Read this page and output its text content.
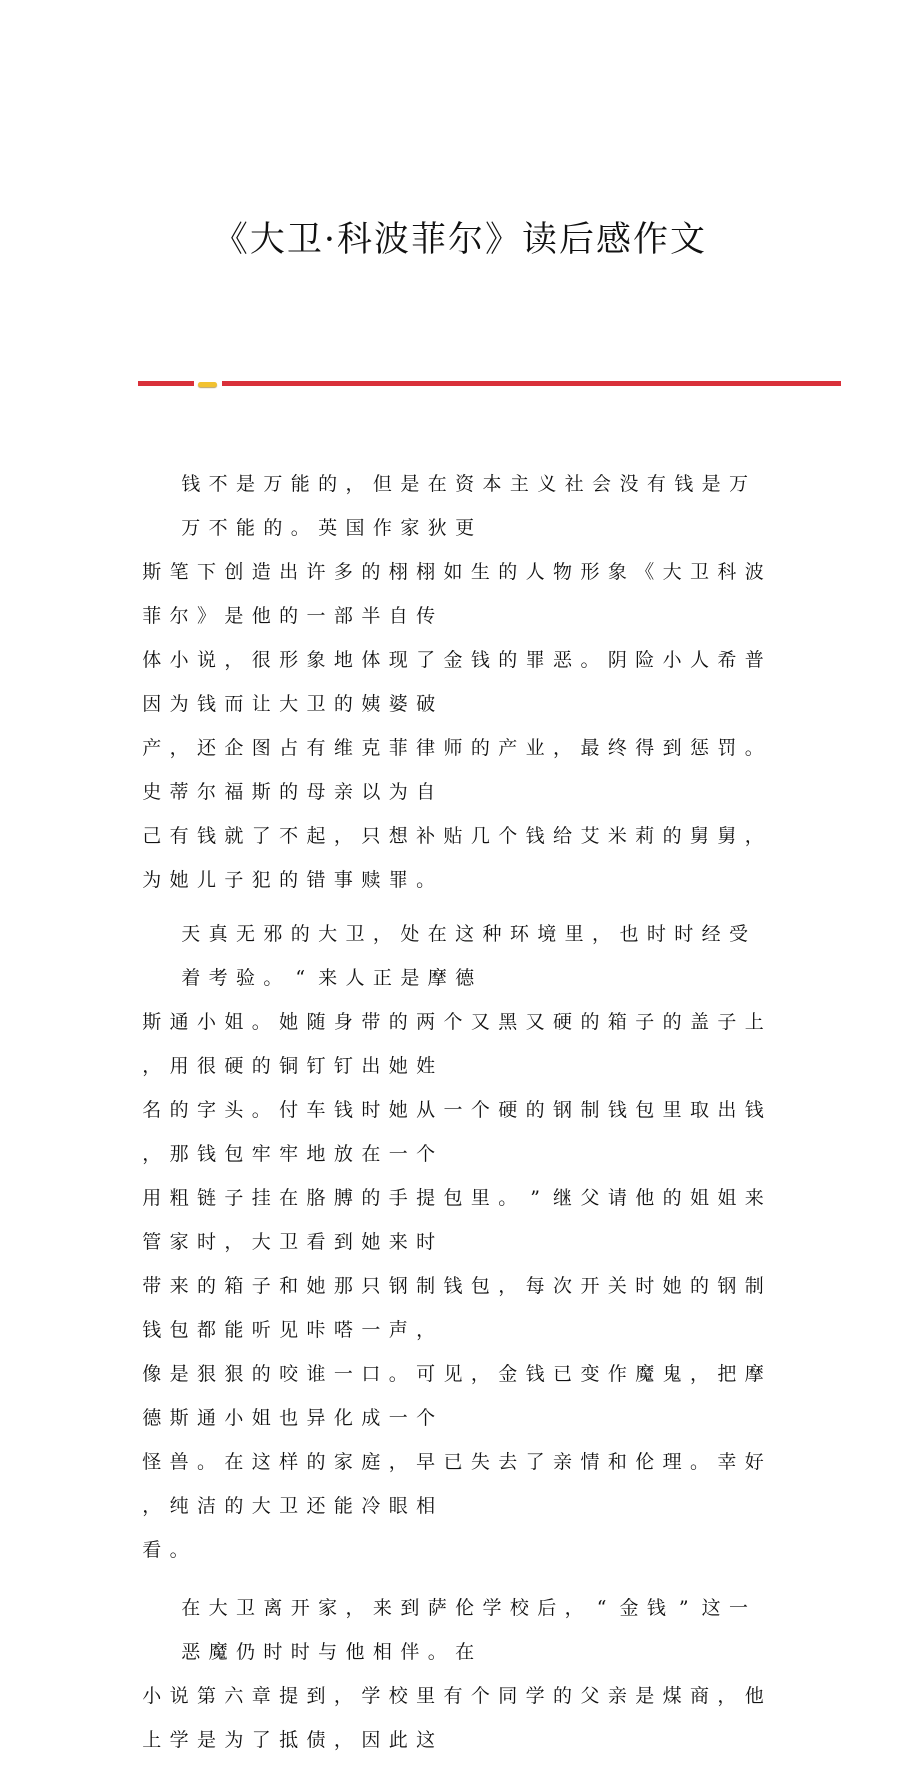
《大卫·科波菲尔》读后感作文
钱 不 是 万 能 的 ， 但 是 在 资 本 主 义 社 会 没 有 钱 是 万万 不 能 的 。 英 国 作 家 狄 更
斯 笔 下 创 造 出 许 多 的 栩 栩 如 生 的 人 物 形 象 《 大 卫 科 波菲 尔 》 是 他 的 一 部 半 自 传
体 小 说 ， 很 形 象 地 体 现 了 金 钱 的 罪 恶 。 阴 险 小 人 希 普因 为 钱 而 让 大 卫 的 姨 婆 破
产 ， 还 企 图 占 有 维 克 菲 律 师 的 产 业 ， 最 终 得 到 惩 罚 。史 蒂 尔 福 斯 的 母 亲 以 为 自
己 有 钱 就 了 不 起 ， 只 想 补 贴 几 个 钱 给 艾 米 莉 的 舅 舅 ，为 她 儿 子 犯 的 错 事 赎 罪 。
天 真 无 邪 的 大 卫 ， 处 在 这 种 环 境 里 ， 也 时 时 经 受着 考 验 。 “ 来 人 正 是 摩 德
斯 通 小 姐 。 她 随 身 带 的 两 个 又 黑 又 硬 的 箱 子 的 盖 子 上， 用 很 硬 的 铜 钉 钉 出 她 姓
名 的 字 头 。 付 车 钱 时 她 从 一 个 硬 的 钢 制 钱 包 里 取 出 钱， 那 钱 包 牢 牢 地 放 在 一 个
用 粗 链 子 挂 在 胳 膊 的 手 提 包 里 。 ” 继 父 请 他 的 姐 姐 来管 家 时 ， 大 卫 看 到 她 来 时
带 来 的 箱 子 和 她 那 只 钢 制 钱 包 ， 每 次 开 关 时 她 的 钢 制钱 包 都 能 听 见 咔 嗒 一 声 ，
像 是 狠 狠 的 咬 谁 一 口 。 可 见 ， 金 钱 已 变 作 魔 鬼 ， 把 摩德 斯 通 小 姐 也 异 化 成 一 个
怪 兽 。 在 这 样 的 家 庭 ， 早 已 失 去 了 亲 情 和 伦 理 。 幸 好， 纯 洁 的 大 卫 还 能 冷 眼 相
看 。
在 大 卫 离 开 家 ， 来 到 萨 伦 学 校 后 ， “ 金 钱 ” 这 一恶 魔 仍 时 时 与 他 相 伴 。 在
小 说 第 六 章 提 到 ， 学 校 里 有 个 同 学 的 父 亲 是 煤 商 ， 他上 学 是 为 了 抵 债 ， 因 此 这
